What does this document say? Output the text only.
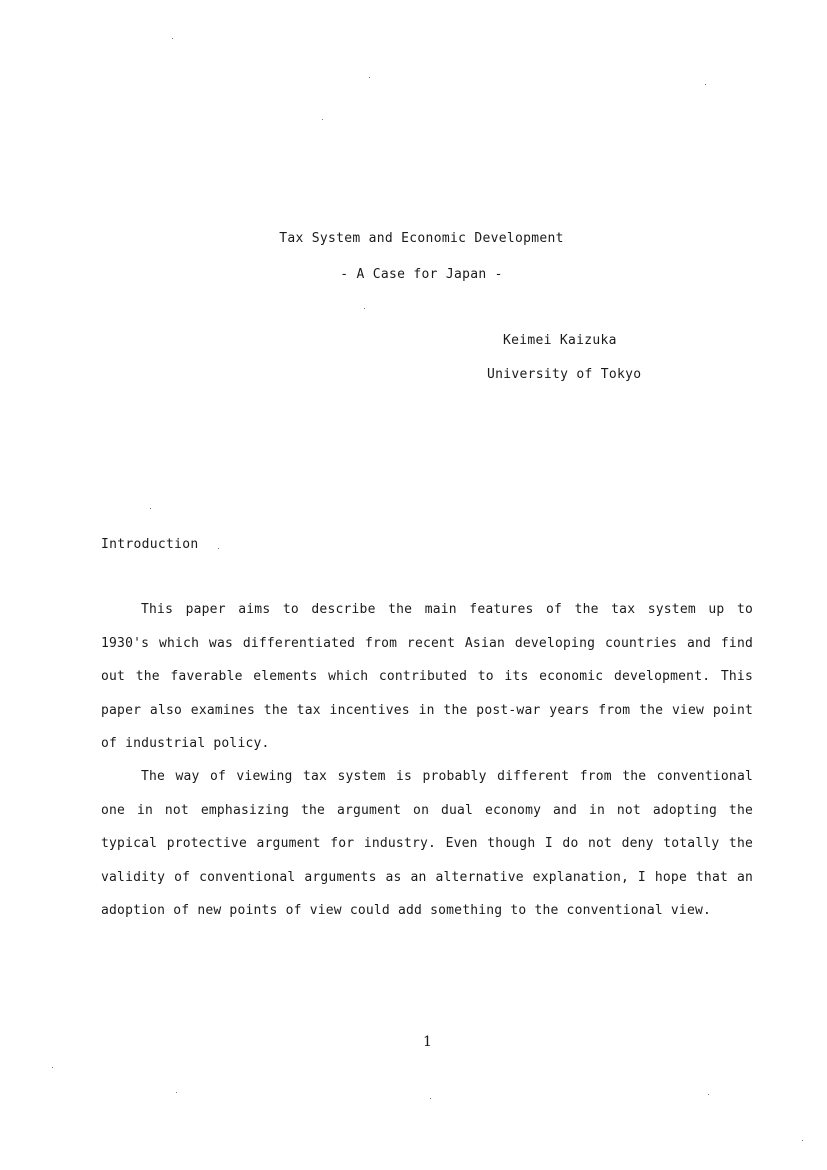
Tax System and Economic Development
- A Case for Japan -
Keimei Kaizuka
University of Tokyo
Introduction
This paper aims to describe the main features of the tax system up to
1930's which was differentiated from recent Asian developing countries and find
out the faverable elements which contributed to its economic development. This
paper also examines the tax incentives in the post-war years from the view point
of industrial policy.
The way of viewing tax system is probably different from the conventional
one in not emphasizing the argument on dual economy and in not adopting the
typical protective argument for industry. Even though I do not deny totally the
validity of conventional arguments as an alternative explanation, I hope that an
adoption of new points of view could add something to the conventional view.
1
